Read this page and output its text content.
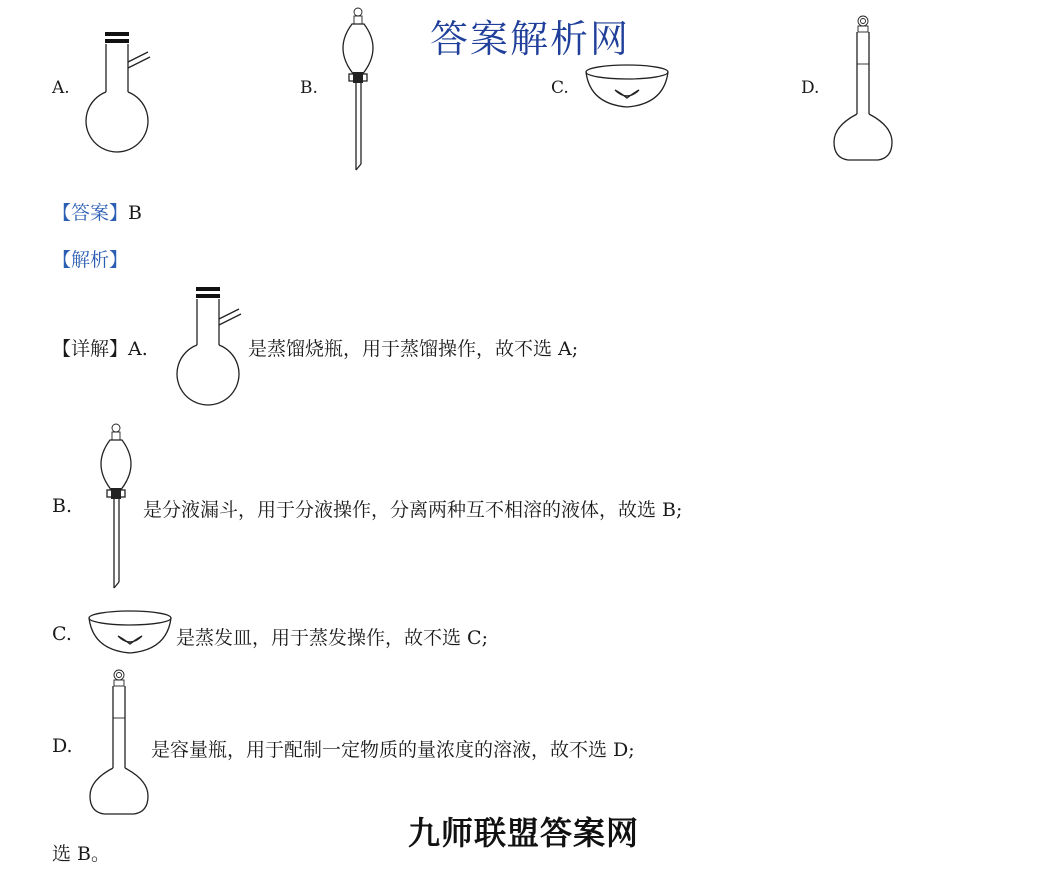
答案解析网
九师联盟答案网
A.	B.	C.	D.
【答案】B
【解析】
【详解】A.	是蒸馏烧瓶，用于蒸馏操作，故不选 A;
B.	是分液漏斗，用于分液操作，分离两种互不相溶的液体，故选 B;
C.	是蒸发皿，用于蒸发操作，故不选 C;
D.	是容量瓶，用于配制一定物质的量浓度的溶液，故不选 D;
选 B。
